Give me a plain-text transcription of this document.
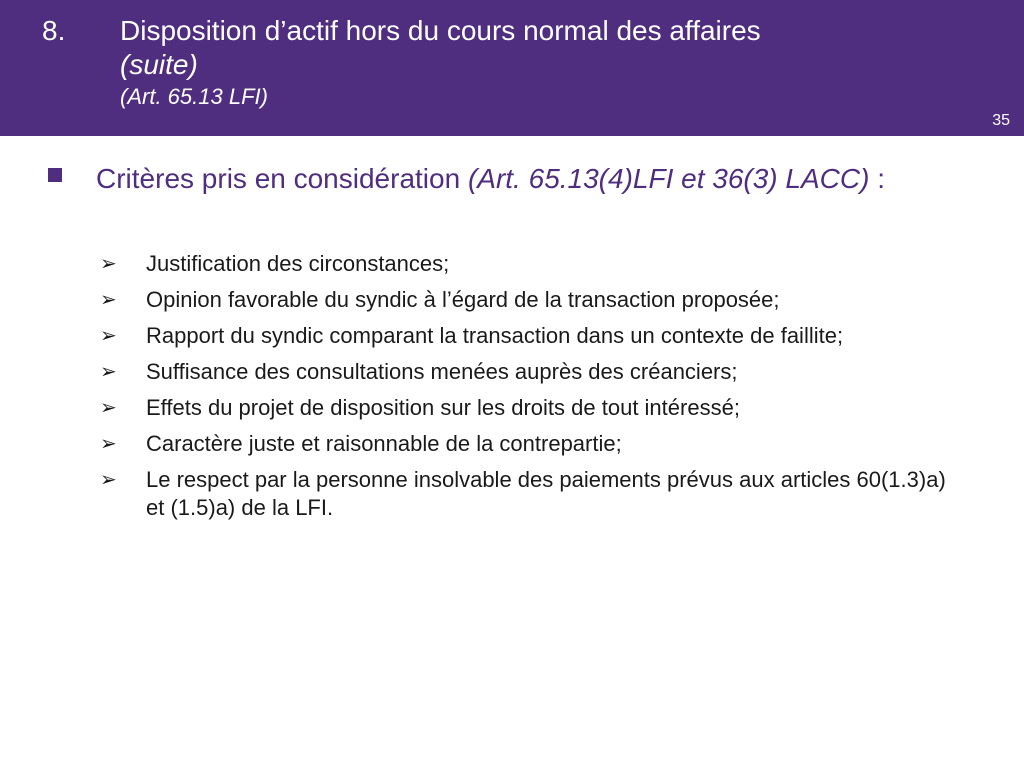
8. Disposition d’actif hors du cours normal des affaires
(suite)
(Art. 65.13 LFI)
35
Critères pris en considération (Art. 65.13(4)LFI et 36(3) LACC) :
➢ Justification des circonstances;
➢ Opinion favorable du syndic à l’égard de la transaction proposée;
➢ Rapport du syndic comparant la transaction dans un contexte de faillite;
➢ Suffisance des consultations menées auprès des créanciers;
➢ Effets du projet de disposition sur les droits de tout intéressé;
➢ Caractère juste et raisonnable de la contrepartie;
➢ Le respect par la personne insolvable des paiements prévus aux articles 60(1.3)a) et (1.5)a) de la LFI.
